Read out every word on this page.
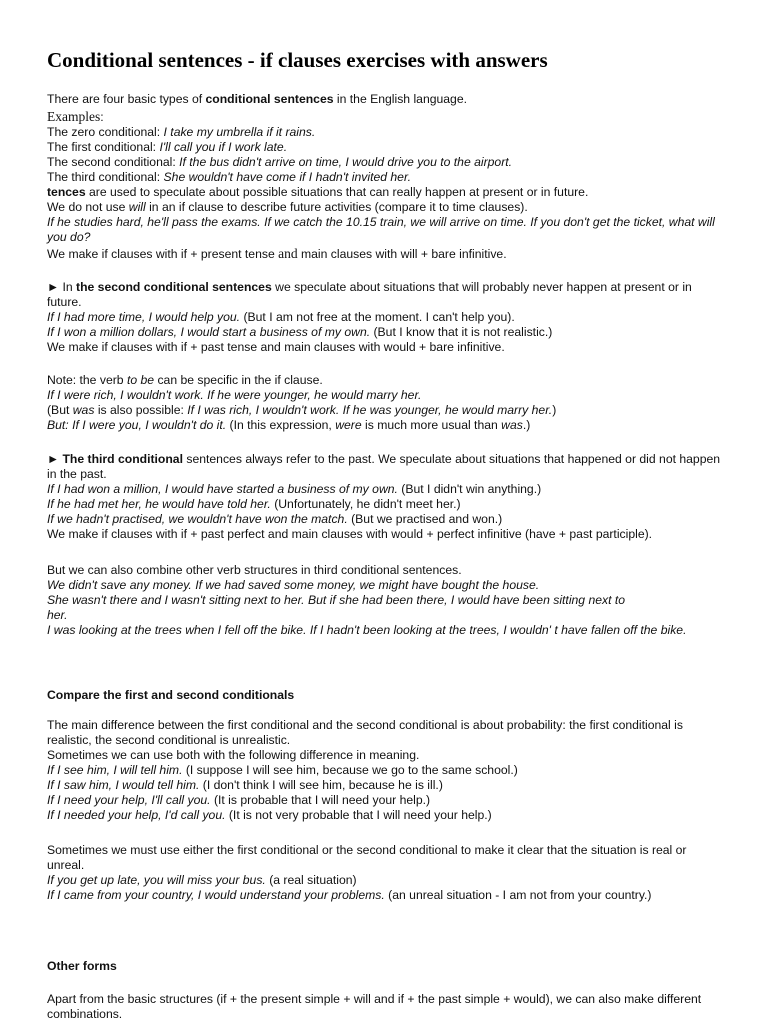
Conditional sentences - if clauses exercises with answers

There are four basic types of conditional sentences in the English language.

Examples:

The zero conditional: I take my umbrella if it rains.

The first conditional: I'll call you if I work late.

The second conditional: If the bus didn't arrive on time, I would drive you to the airport.

The third conditional: She wouldn't have come if I hadn't invited her.

tences are used to speculate about possible situations that can really happen at present or in future.

We do not use will in an if clause to describe future activities (compare it to time clauses).

If he studies hard, he'll pass the exams. If we catch the 10.15 train, we will arrive on time. If you don't get the ticket, what will you do?

We make if clauses with if + present tense and main clauses with will + bare infinitive.

► In the second conditional sentences we speculate about situations that will probably never happen at present or in future.

If I had more time, I would help you. (But I am not free at the moment. I can't help you).

If I won a million dollars, I would start a business of my own. (But I know that it is not realistic.)

We make if clauses with if + past tense and main clauses with would + bare infinitive.

Note: the verb to be can be specific in the if clause.

If I were rich, I wouldn't work. If he were younger, he would marry her.

(But was is also possible: If I was rich, I wouldn't work. If he was younger, he would marry her.)

But: If I were you, I wouldn't do it. (In this expression, were is much more usual than was.)

► The third conditional sentences always refer to the past. We speculate about situations that happened or did not happen in the past.

If I had won a million, I would have started a business of my own. (But I didn't win anything.)

If he had met her, he would have told her. (Unfortunately, he didn't meet her.)

If we hadn't practised, we wouldn't have won the match. (But we practised and won.)

We make if clauses with if + past perfect and main clauses with would + perfect infinitive (have + past participle).

But we can also combine other verb structures in third conditional sentences.

We didn't save any money. If we had saved some money, we might have bought the house.

She wasn't there and I wasn't sitting next to her. But if she had been there, I would have been sitting next to
her.

I was looking at the trees when I fell off the bike. If I hadn't been looking at the trees, I wouldn' t have fallen off the bike.

Compare the first and second conditionals

The main difference between the first conditional and the second conditional is about probability: the first conditional is realistic, the second conditional is unrealistic.

Sometimes we can use both with the following difference in meaning.

If I see him, I will tell him. (I suppose I will see him, because we go to the same school.)

If I saw him, I would tell him. (I don't think I will see him, because he is ill.)

If I need your help, I'll call you. (It is probable that I will need your help.)

If I needed your help, I'd call you. (It is not very probable that I will need your help.)

Sometimes we must use either the first conditional or the second conditional to make it clear that the situation is real or unreal.

If you get up late, you will miss your bus. (a real situation)

If I came from your country, I would understand your problems. (an unreal situation - I am not from your country.)

Other forms

Apart from the basic structures (if + the present simple + will and if + the past simple + would), we can also make different combinations.
